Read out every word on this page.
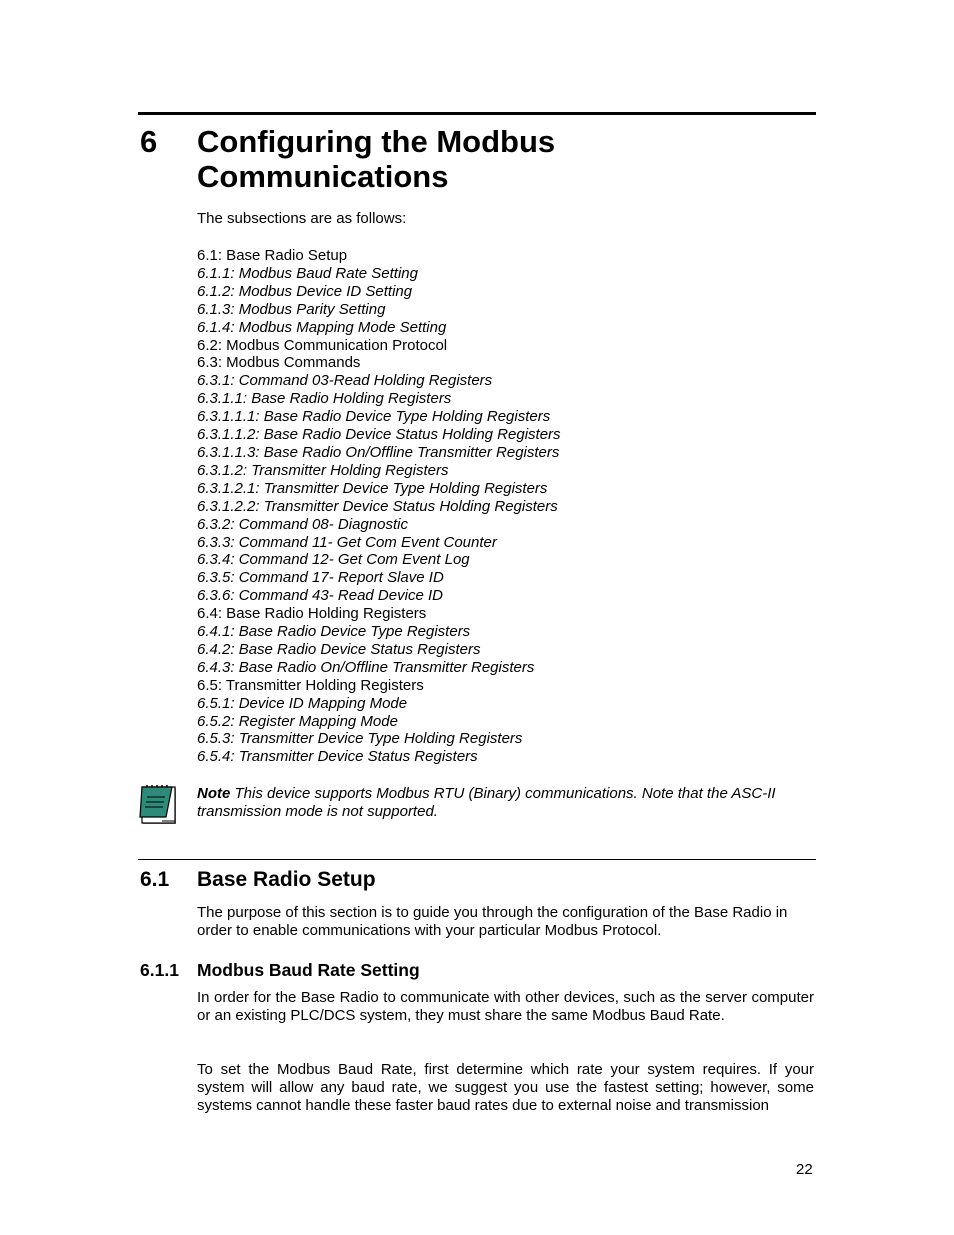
6 Configuring the Modbus Communications
The subsections are as follows:
6.1: Base Radio Setup
6.1.1: Modbus Baud Rate Setting
6.1.2: Modbus Device ID Setting
6.1.3: Modbus Parity Setting
6.1.4: Modbus Mapping Mode Setting
6.2: Modbus Communication Protocol
6.3: Modbus Commands
6.3.1: Command 03-Read Holding Registers
6.3.1.1: Base Radio Holding Registers
6.3.1.1.1: Base Radio Device Type Holding Registers
6.3.1.1.2: Base Radio Device Status Holding Registers
6.3.1.1.3: Base Radio On/Offline Transmitter Registers
6.3.1.2: Transmitter Holding Registers
6.3.1.2.1: Transmitter Device Type Holding Registers
6.3.1.2.2: Transmitter Device Status Holding Registers
6.3.2: Command 08- Diagnostic
6.3.3: Command 11- Get Com Event Counter
6.3.4: Command 12- Get Com Event Log
6.3.5: Command 17- Report Slave ID
6.3.6: Command 43- Read Device ID
6.4: Base Radio Holding Registers
6.4.1: Base Radio Device Type Registers
6.4.2: Base Radio Device Status Registers
6.4.3: Base Radio On/Offline Transmitter Registers
6.5: Transmitter Holding Registers
6.5.1: Device ID Mapping Mode
6.5.2: Register Mapping Mode
6.5.3: Transmitter Device Type Holding Registers
6.5.4: Transmitter Device Status Registers
Note This device supports Modbus RTU (Binary) communications. Note that the ASC-II transmission mode is not supported.
6.1 Base Radio Setup
The purpose of this section is to guide you through the configuration of the Base Radio in order to enable communications with your particular Modbus Protocol.
6.1.1 Modbus Baud Rate Setting
In order for the Base Radio to communicate with other devices, such as the server computer or an existing PLC/DCS system, they must share the same Modbus Baud Rate.
To set the Modbus Baud Rate, first determine which rate your system requires. If your system will allow any baud rate, we suggest you use the fastest setting; however, some systems cannot handle these faster baud rates due to external noise and transmission
22
